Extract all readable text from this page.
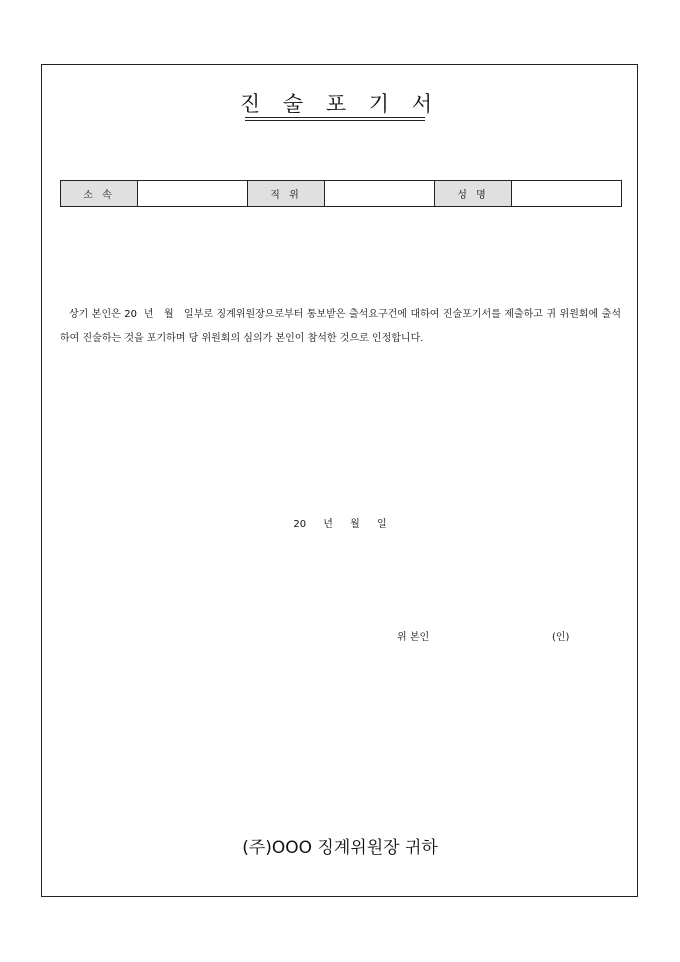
진 술 포 기 서
소 속		직 위		성 명	
상기 본인은 20  년   월   일부로 징계위원장으로부터 통보받은 출석요구건에 대하여 진술포기서를 제출하고 귀 위원회에 출석하여 진술하는 것을 포기하며 당 위원회의 심의가 본인이 참석한 것으로 인정합니다.
20 년 월 일
위 본인	(인)
(주)OOO 징계위원장 귀하
